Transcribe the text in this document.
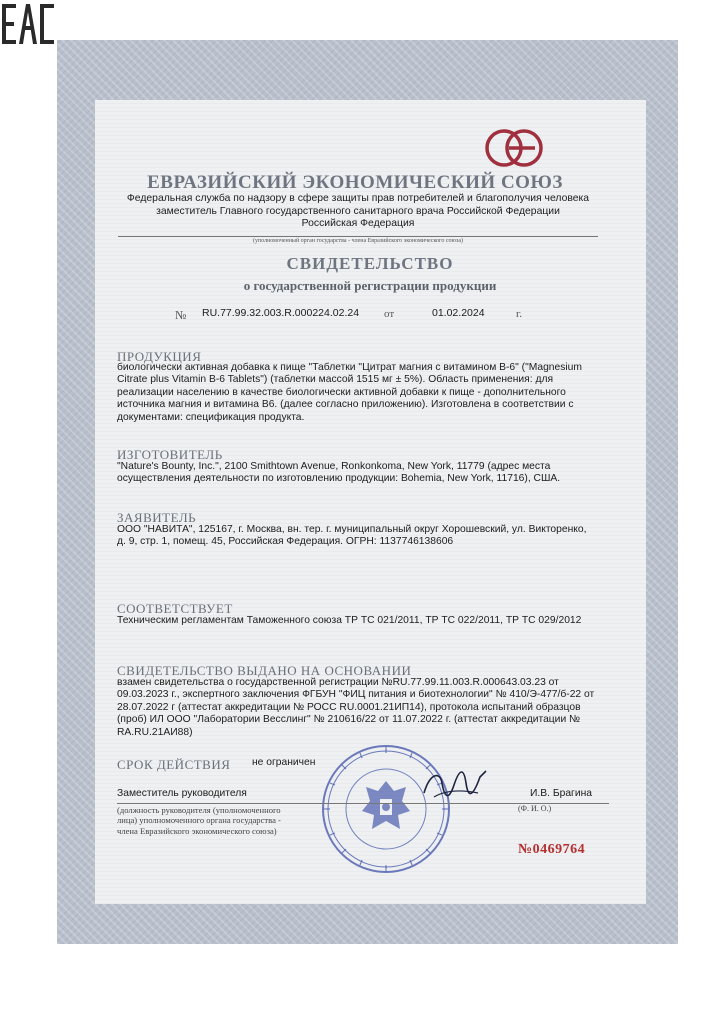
ЕВРАЗИЙСКИЙ ЭКОНОМИЧЕСКИЙ СОЮЗ
Федеральная служба по надзору в сфере защиты прав потребителей и благополучия человека
заместитель Главного государственного санитарного врача Российской Федерации
Российская Федерация
(уполномоченный орган государства - члена Евразийского экономического союза)
СВИДЕТЕЛЬСТВО
о государственной регистрации продукции
№ RU.77.99.32.003.R.000224.02.24 от	01.02.2024	г.
ПРОДУКЦИЯ
биологически активная добавка к пище "Таблетки "Цитрат магния с витамином В-6" ("Magnesium
Citrate plus Vitamin B-6 Tablets") (таблетки массой 1515 мг ± 5%). Область применения: для
реализации населению в качестве биологически активной добавки к пище - дополнительного
источника магния и витамина В6. (далее согласно приложению). Изготовлена в соответствии с
документами: спецификация продукта.
ИЗГОТОВИТЕЛЬ
"Nature's Bounty, Inc.", 2100 Smithtown Avenue, Ronkonkoma, New York, 11779 (адрес места
осуществления деятельности по изготовлению продукции: Bohemia, New York, 11716), США.
ЗАЯВИТЕЛЬ
ООО "НАВИТА", 125167, г. Москва, вн. тер. г. муниципальный округ Хорошевский, ул. Викторенко,
д. 9, стр. 1, помещ. 45, Российская Федерация. ОГРН: 1137746138606
СООТВЕТСТВУЕТ
Техническим регламентам Таможенного союза ТР ТС 021/2011, ТР ТС 022/2011, ТР ТС 029/2012
СВИДЕТЕЛЬСТВО ВЫДАНО НА ОСНОВАНИИ
взамен свидетельства о государственной регистрации №RU.77.99.11.003.R.000643.03.23 от
09.03.2023 г., экспертного заключения ФГБУН "ФИЦ питания и биотехнологии" № 410/Э-477/б-22 от
28.07.2022 г (аттестат аккредитации № РОСС RU.0001.21ИП14), протокола испытаний образцов
(проб) ИЛ ООО "Лаборатории Весслинг" № 210616/22 от 11.07.2022 г. (аттестат аккредитации №
RA.RU.21АИ88)
СРОК ДЕЙСТВИЯ не ограничен
Заместитель руководителя	И.В. Брагина
(должность руководителя (уполномоченного
лица) уполномоченного органа государства -
члена Евразийского экономического союза)
(Ф. И. О.)
№0469764
